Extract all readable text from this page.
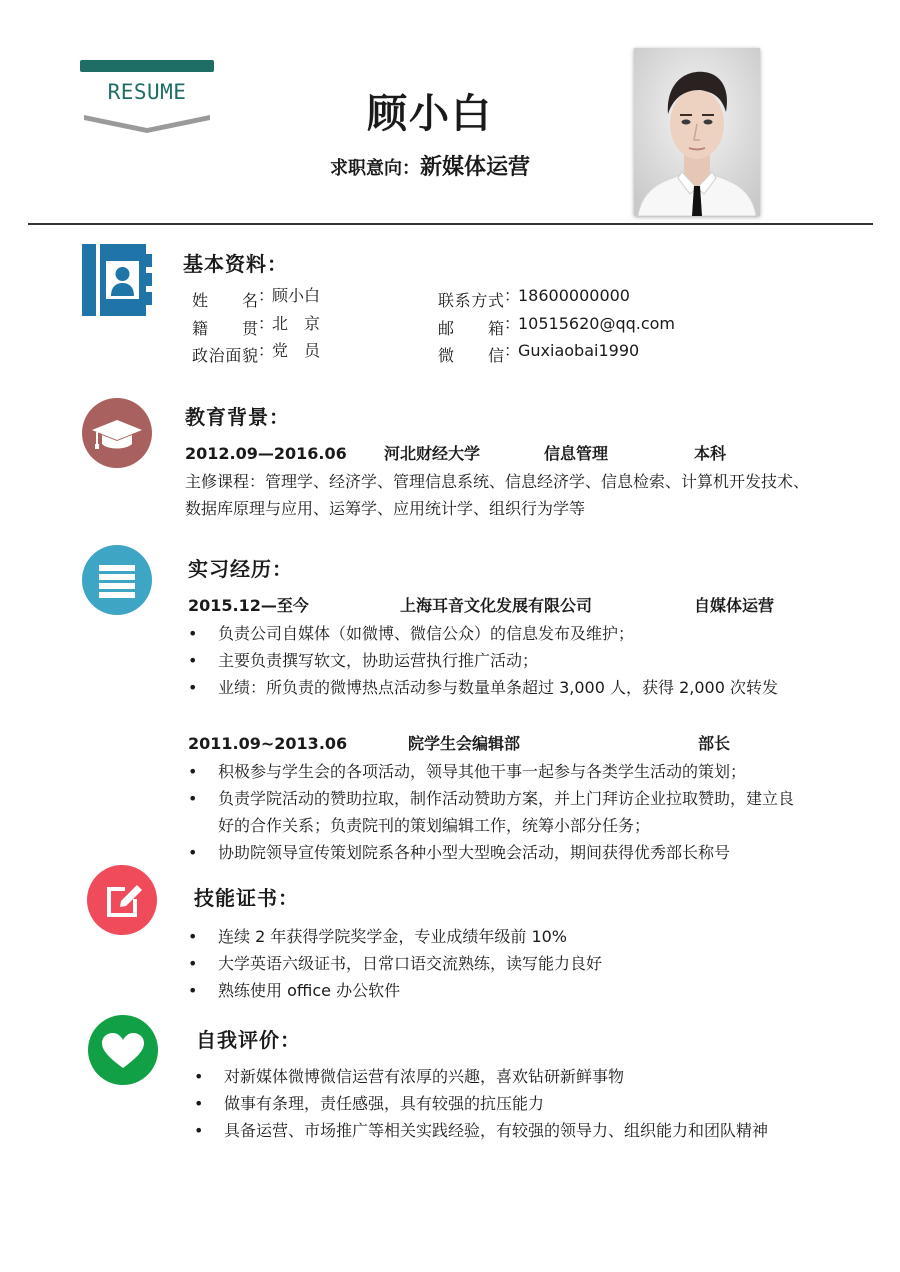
RESUME	顾小白
求职意向：新媒体运营
基本资料：
姓名 ：
顾小白
籍贯 ：
北　京
政治面貌 ：
党　员
联系方式 ：
18600000000
邮箱 ：
10515620@qq.com
微信 ：
Guxiaobai1990
教育背景：
2012.09—2016.06 河北财经大学	信息管理	本科
主修课程：管理学、经济学、管理信息系统、信息经济学、信息检索、计算机开发技术、
数据库原理与应用、运筹学、应用统计学、组织行为学等
实习经历：
2015.12—至今	上海耳音文化发展有限公司	自媒体运营
• 负责公司自媒体（如微博、微信公众）的信息发布及维护；
• 主要负责撰写软文，协助运营执行推广活动；
• 业绩：所负责的微博热点活动参与数量单条超过 3,000 人，获得 2,000 次转发
2011.09~2013.06	院学生会编辑部	部长
• 积极参与学生会的各项活动，领导其他干事一起参与各类学生活动的策划；
• 负责学院活动的赞助拉取，制作活动赞助方案，并上门拜访企业拉取赞助，建立良好的合作关系；负责院刊的策划编辑工作，统筹小部分任务；
• 协助院领导宣传策划院系各种小型大型晚会活动，期间获得优秀部长称号
技能证书：
• 连续 2 年获得学院奖学金，专业成绩年级前 10%
• 大学英语六级证书，日常口语交流熟练，读写能力良好
• 熟练使用 office 办公软件
自我评价：
• 对新媒体微博微信运营有浓厚的兴趣，喜欢钻研新鲜事物
• 做事有条理，责任感强，具有较强的抗压能力
• 具备运营、市场推广等相关实践经验，有较强的领导力、组织能力和团队精神
